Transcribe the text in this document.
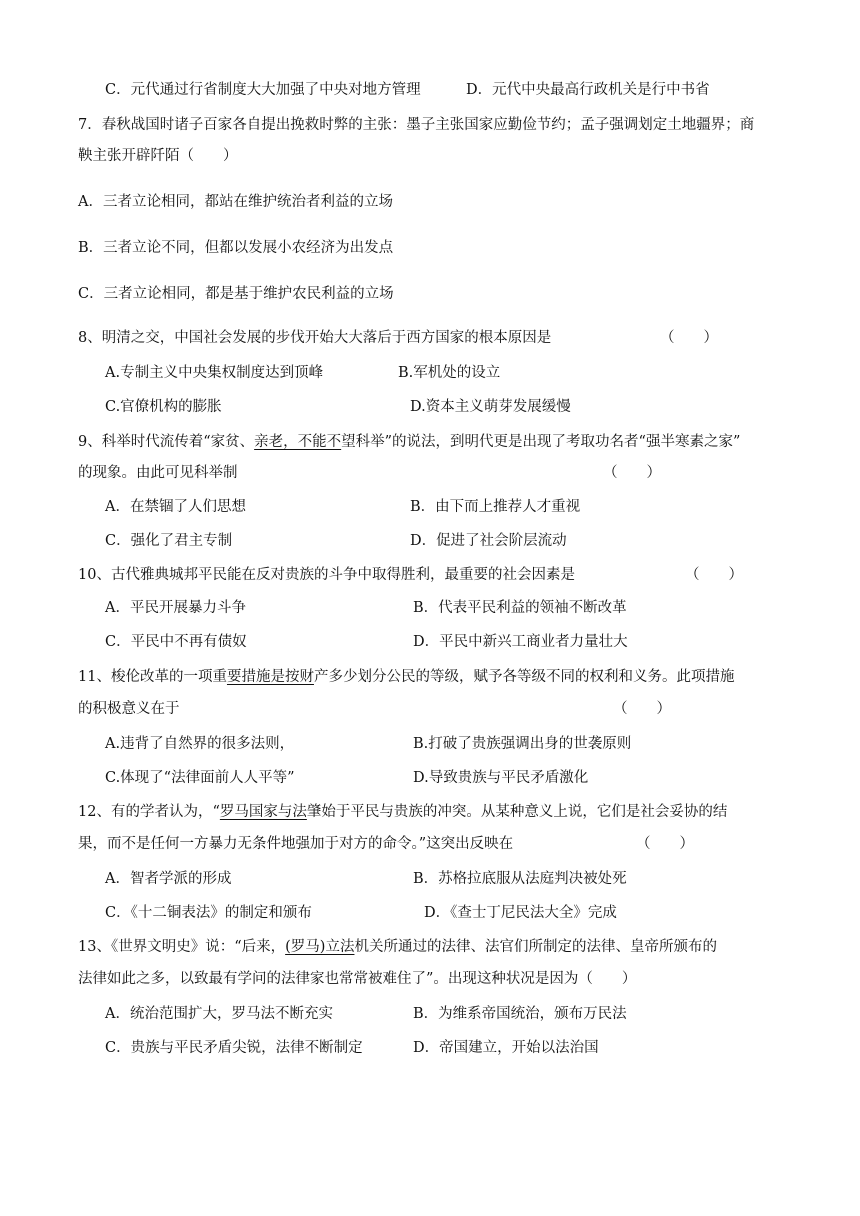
C．元代通过行省制度大大加强了中央对地方管理	D．元代中央最高行政机关是行中书省
7．春秋战国时诸子百家各自提出挽救时弊的主张：墨子主张国家应勤俭节约；孟子强调划定土地疆界；商
鞅主张开辟阡陌（　　）
A．三者立论相同，都站在维护统治者利益的立场
B．三者立论不同，但都以发展小农经济为出发点
C．三者立论相同，都是基于维护农民利益的立场
8、明清之交，中国社会发展的步伐开始大大落后于西方国家的根本原因是	（　　）
A.专制主义中央集权制度达到顶峰	B.军机处的设立
C.官僚机构的膨胀	D.资本主义萌芽发展缓慢
9、科举时代流传着“家贫、亲老，不能不望科举”的说法，到明代更是出现了考取功名者“强半寒素之家”
的现象。由此可见科举制	（　　）
A．在禁锢了人们思想	B．由下而上推荐人才重视
C．强化了君主专制	D．促进了社会阶层流动
10、古代雅典城邦平民能在反对贵族的斗争中取得胜利，最重要的社会因素是	（　　）
A．平民开展暴力斗争	B．代表平民利益的领袖不断改革
C．平民中不再有债奴	D．平民中新兴工商业者力量壮大
11、梭伦改革的一项重要措施是按财产多少划分公民的等级，赋予各等级不同的权利和义务。此项措施
的积极意义在于	（　　）
A.违背了自然界的很多法则，	B.打破了贵族强调出身的世袭原则
C.体现了“法律面前人人平等”	D.导致贵族与平民矛盾激化
12、有的学者认为，“罗马国家与法肇始于平民与贵族的冲突。从某种意义上说，它们是社会妥协的结
果，而不是任何一方暴力无条件地强加于对方的命令。”这突出反映在	（　　）
A．智者学派的形成	B．苏格拉底服从法庭判决被处死
C．《十二铜表法》的制定和颁布	D．《查士丁尼民法大全》完成
13、《世界文明史》说：“后来，(罗马)立法机关所通过的法律、法官们所制定的法律、皇帝所颁布的
法律如此之多，以致最有学问的法律家也常常被难住了”。出现这种状况是因为（　　）
A．统治范围扩大，罗马法不断充实	B．为维系帝国统治，颁布万民法
C．贵族与平民矛盾尖锐，法律不断制定	D．帝国建立，开始以法治国
